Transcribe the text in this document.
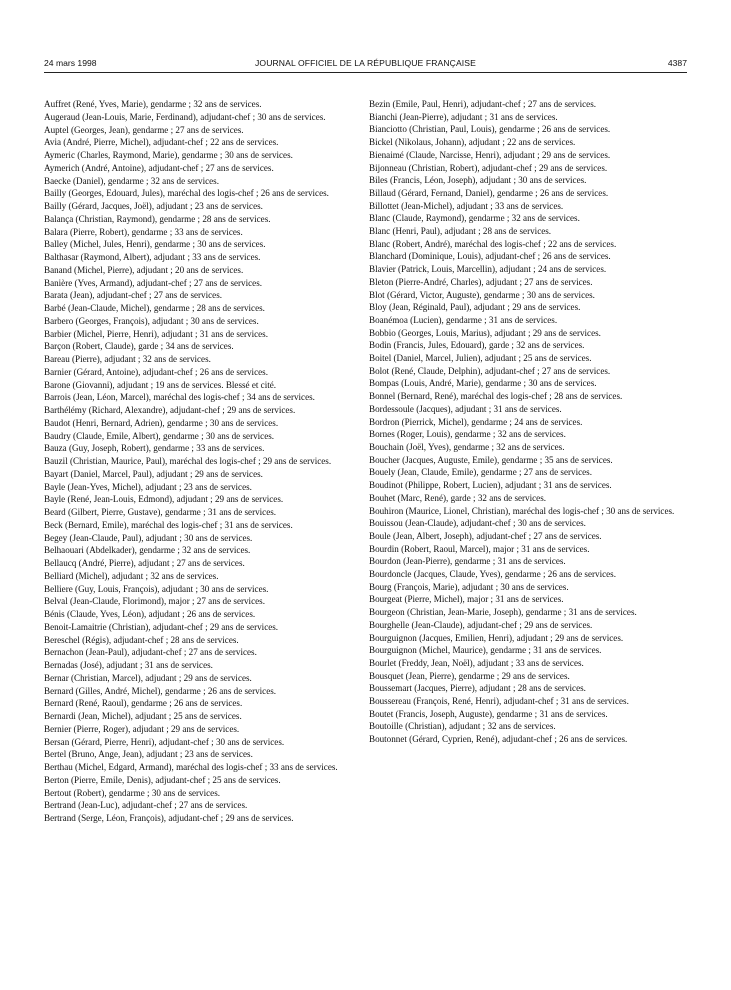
24 mars 1998	JOURNAL OFFICIEL DE LA RÉPUBLIQUE FRANÇAISE	4387
Auffret (René, Yves, Marie), gendarme ; 32 ans de services.
Augeraud (Jean-Louis, Marie, Ferdinand), adjudant-chef ; 30 ans de services.
Auptel (Georges, Jean), gendarme ; 27 ans de services.
Avia (André, Pierre, Michel), adjudant-chef ; 22 ans de services.
Aymeric (Charles, Raymond, Marie), gendarme ; 30 ans de services.
Aymerich (André, Antoine), adjudant-chef ; 27 ans de services.
Baecke (Daniel), gendarme ; 32 ans de services.
Bailly (Georges, Edouard, Jules), maréchal des logis-chef ; 26 ans de services.
Bailly (Gérard, Jacques, Joël), adjudant ; 23 ans de services.
Balança (Christian, Raymond), gendarme ; 28 ans de services.
Balara (Pierre, Robert), gendarme ; 33 ans de services.
Balley (Michel, Jules, Henri), gendarme ; 30 ans de services.
Balthasar (Raymond, Albert), adjudant ; 33 ans de services.
Banand (Michel, Pierre), adjudant ; 20 ans de services.
Banière (Yves, Armand), adjudant-chef ; 27 ans de services.
Barata (Jean), adjudant-chef ; 27 ans de services.
Barbé (Jean-Claude, Michel), gendarme ; 28 ans de services.
Barbero (Georges, François), adjudant ; 30 ans de services.
Barbier (Michel, Pierre, Henri), adjudant ; 31 ans de services.
Barçon (Robert, Claude), garde ; 34 ans de services.
Bareau (Pierre), adjudant ; 32 ans de services.
Barnier (Gérard, Antoine), adjudant-chef ; 26 ans de services.
Barone (Giovanni), adjudant ; 19 ans de services. Blessé et cité.
Barrois (Jean, Léon, Marcel), maréchal des logis-chef ; 34 ans de services.
Barthélémy (Richard, Alexandre), adjudant-chef ; 29 ans de services.
Baudot (Henri, Bernard, Adrien), gendarme ; 30 ans de services.
Baudry (Claude, Emile, Albert), gendarme ; 30 ans de services.
Bauza (Guy, Joseph, Robert), gendarme ; 33 ans de services.
Bauzil (Christian, Maurice, Paul), maréchal des logis-chef ; 29 ans de services.
Bayart (Daniel, Marcel, Paul), adjudant ; 29 ans de services.
Bayle (Jean-Yves, Michel), adjudant ; 23 ans de services.
Bayle (René, Jean-Louis, Edmond), adjudant ; 29 ans de services.
Beard (Gilbert, Pierre, Gustave), gendarme ; 31 ans de services.
Beck (Bernard, Emile), maréchal des logis-chef ; 31 ans de services.
Begey (Jean-Claude, Paul), adjudant ; 30 ans de services.
Belhaouari (Abdelkader), gendarme ; 32 ans de services.
Bellaucq (André, Pierre), adjudant ; 27 ans de services.
Belliard (Michel), adjudant ; 32 ans de services.
Belliere (Guy, Louis, François), adjudant ; 30 ans de services.
Belval (Jean-Claude, Florimond), major ; 27 ans de services.
Bénis (Claude, Yves, Léon), adjudant ; 26 ans de services.
Benoit-Lamaitrie (Christian), adjudant-chef ; 29 ans de services.
Bereschel (Régis), adjudant-chef ; 28 ans de services.
Bernachon (Jean-Paul), adjudant-chef ; 27 ans de services.
Bernadas (José), adjudant ; 31 ans de services.
Bernar (Christian, Marcel), adjudant ; 29 ans de services.
Bernard (Gilles, André, Michel), gendarme ; 26 ans de services.
Bernard (René, Raoul), gendarme ; 26 ans de services.
Bernardi (Jean, Michel), adjudant ; 25 ans de services.
Bernier (Pierre, Roger), adjudant ; 29 ans de services.
Bersan (Gérard, Pierre, Henri), adjudant-chef ; 30 ans de services.
Bertel (Bruno, Ange, Jean), adjudant ; 23 ans de services.
Berthau (Michel, Edgard, Armand), maréchal des logis-chef ; 33 ans de services.
Berton (Pierre, Emile, Denis), adjudant-chef ; 25 ans de services.
Bertout (Robert), gendarme ; 30 ans de services.
Bertrand (Jean-Luc), adjudant-chef ; 27 ans de services.
Bertrand (Serge, Léon, François), adjudant-chef ; 29 ans de services.
Bezin (Emile, Paul, Henri), adjudant-chef ; 27 ans de services.
Bianchi (Jean-Pierre), adjudant ; 31 ans de services.
Bianciotto (Christian, Paul, Louis), gendarme ; 26 ans de services.
Bickel (Nikolaus, Johann), adjudant ; 22 ans de services.
Bienaimé (Claude, Narcisse, Henri), adjudant ; 29 ans de services.
Bijonneau (Christian, Robert), adjudant-chef ; 29 ans de services.
Biles (Francis, Léon, Joseph), adjudant ; 30 ans de services.
Billaud (Gérard, Fernand, Daniel), gendarme ; 26 ans de services.
Billottet (Jean-Michel), adjudant ; 33 ans de services.
Blanc (Claude, Raymond), gendarme ; 32 ans de services.
Blanc (Henri, Paul), adjudant ; 28 ans de services.
Blanc (Robert, André), maréchal des logis-chef ; 22 ans de services.
Blanchard (Dominique, Louis), adjudant-chef ; 26 ans de services.
Blavier (Patrick, Louis, Marcellin), adjudant ; 24 ans de services.
Bleton (Pierre-André, Charles), adjudant ; 27 ans de services.
Blot (Gérard, Victor, Auguste), gendarme ; 30 ans de services.
Bloy (Jean, Réginald, Paul), adjudant ; 29 ans de services.
Boanémoa (Lucien), gendarme ; 31 ans de services.
Bobbio (Georges, Louis, Marius), adjudant ; 29 ans de services.
Bodin (Francis, Jules, Edouard), garde ; 32 ans de services.
Boitel (Daniel, Marcel, Julien), adjudant ; 25 ans de services.
Bolot (René, Claude, Delphin), adjudant-chef ; 27 ans de services.
Bompas (Louis, André, Marie), gendarme ; 30 ans de services.
Bonnel (Bernard, René), maréchal des logis-chef ; 28 ans de services.
Bordessoule (Jacques), adjudant ; 31 ans de services.
Bordron (Pierrick, Michel), gendarme ; 24 ans de services.
Bornes (Roger, Louis), gendarme ; 32 ans de services.
Bouchain (Joël, Yves), gendarme ; 32 ans de services.
Boucher (Jacques, Auguste, Emile), gendarme ; 35 ans de services.
Bouely (Jean, Claude, Emile), gendarme ; 27 ans de services.
Boudinot (Philippe, Robert, Lucien), adjudant ; 31 ans de services.
Bouhet (Marc, René), garde ; 32 ans de services.
Bouhiron (Maurice, Lionel, Christian), maréchal des logis-chef ; 30 ans de services.
Bouissou (Jean-Claude), adjudant-chef ; 30 ans de services.
Boule (Jean, Albert, Joseph), adjudant-chef ; 27 ans de services.
Bourdin (Robert, Raoul, Marcel), major ; 31 ans de services.
Bourdon (Jean-Pierre), gendarme ; 31 ans de services.
Bourdoncle (Jacques, Claude, Yves), gendarme ; 26 ans de services.
Bourg (François, Marie), adjudant ; 30 ans de services.
Bourgeat (Pierre, Michel), major ; 31 ans de services.
Bourgeon (Christian, Jean-Marie, Joseph), gendarme ; 31 ans de services.
Bourghelle (Jean-Claude), adjudant-chef ; 29 ans de services.
Bourguignon (Jacques, Emilien, Henri), adjudant ; 29 ans de services.
Bourguignon (Michel, Maurice), gendarme ; 31 ans de services.
Bourlet (Freddy, Jean, Noël), adjudant ; 33 ans de services.
Bousquet (Jean, Pierre), gendarme ; 29 ans de services.
Boussemart (Jacques, Pierre), adjudant ; 28 ans de services.
Boussereau (François, René, Henri), adjudant-chef ; 31 ans de services.
Boutet (Francis, Joseph, Auguste), gendarme ; 31 ans de services.
Boutoille (Christian), adjudant ; 32 ans de services.
Boutonnet (Gérard, Cyprien, René), adjudant-chef ; 26 ans de services.
